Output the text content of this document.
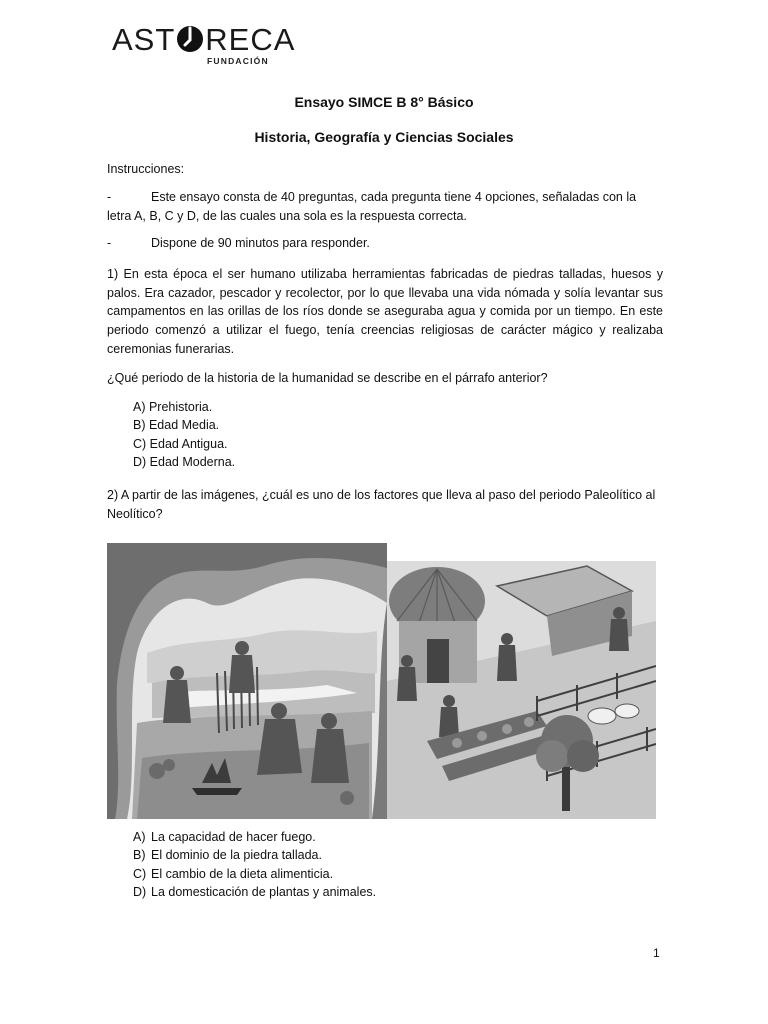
AST RECA
FUNDACIÓN
Ensayo SIMCE B 8° Básico
Historia, Geografía y Ciencias Sociales
Instrucciones:
-	Este ensayo consta de 40 preguntas, cada pregunta tiene 4 opciones, señaladas con la
letra A, B, C y D, de las cuales una sola es la respuesta correcta.
-	Dispone de 90 minutos para responder.
1) En esta época el ser humano utilizaba herramientas fabricadas de piedras talladas, huesos y palos. Era cazador, pescador y recolector, por lo que llevaba una vida nómada y solía levantar sus campamentos en las orillas de los ríos donde se aseguraba agua y comida por un tiempo. En este periodo comenzó a utilizar el fuego, tenía creencias religiosas de carácter mágico y realizaba ceremonias funerarias.
¿Qué periodo de la historia de la humanidad se describe en el párrafo anterior?
A) Prehistoria.
B) Edad Media.
C) Edad Antigua.
D) Edad Moderna.
2) A partir de las imágenes, ¿cuál es uno de los factores que lleva al paso del periodo Paleolítico al Neolítico?
A) La capacidad de hacer fuego.
B) El dominio de la piedra tallada.
C) El cambio de la dieta alimenticia.
D) La domesticación de plantas y animales.
1
